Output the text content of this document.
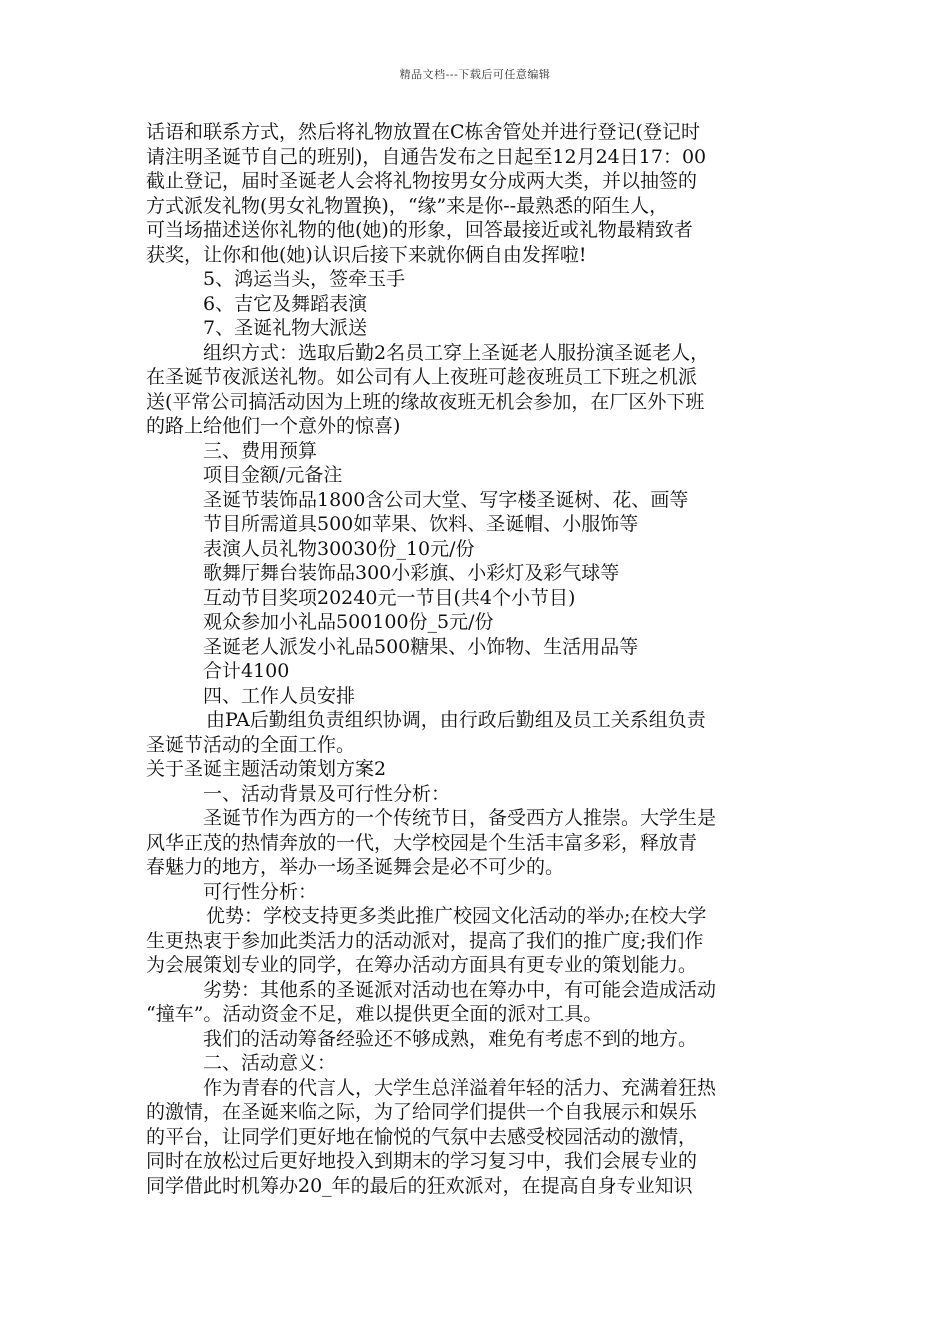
精品文档---下载后可任意编辑
话语和联系方式，然后将礼物放置在C栋舍管处并进行登记(登记时
请注明圣诞节自己的班别)，自通告发布之日起至12月24日17：00
截止登记，届时圣诞老人会将礼物按男女分成两大类，并以抽签的
方式派发礼物(男女礼物置换)，“缘”来是你--最熟悉的陌生人，
可当场描述送你礼物的他(她)的形象，回答最接近或礼物最精致者
获奖，让你和他(她)认识后接下来就你俩自由发挥啦!
5、鸿运当头，签牵玉手
6、吉它及舞蹈表演
7、圣诞礼物大派送
组织方式：选取后勤2名员工穿上圣诞老人服扮演圣诞老人，
在圣诞节夜派送礼物。如公司有人上夜班可趁夜班员工下班之机派
送(平常公司搞活动因为上班的缘故夜班无机会参加，在厂区外下班
的路上给他们一个意外的惊喜)
三、费用预算
项目金额/元备注
圣诞节装饰品1800含公司大堂、写字楼圣诞树、花、画等
节目所需道具500如苹果、饮料、圣诞帽、小服饰等
表演人员礼物30030份_10元/份
歌舞厅舞台装饰品300小彩旗、小彩灯及彩气球等
互动节目奖项20240元一节目(共4个小节目)
观众参加小礼品500100份_5元/份
圣诞老人派发小礼品500糖果、小饰物、生活用品等
合计4100
四、工作人员安排
由PA后勤组负责组织协调，由行政后勤组及员工关系组负责
圣诞节活动的全面工作。
关于圣诞主题活动策划方案2
一、活动背景及可行性分析：
圣诞节作为西方的一个传统节日，备受西方人推崇。大学生是
风华正茂的热情奔放的一代，大学校园是个生活丰富多彩，释放青
春魅力的地方，举办一场圣诞舞会是必不可少的。
可行性分析：
优势：学校支持更多类此推广校园文化活动的举办;在校大学
生更热衷于参加此类活力的活动派对，提高了我们的推广度;我们作
为会展策划专业的同学，在筹办活动方面具有更专业的策划能力。
劣势：其他系的圣诞派对活动也在筹办中，有可能会造成活动
“撞车”。活动资金不足，难以提供更全面的派对工具。
我们的活动筹备经验还不够成熟，难免有考虑不到的地方。
二、活动意义：
作为青春的代言人，大学生总洋溢着年轻的活力、充满着狂热
的激情，在圣诞来临之际，为了给同学们提供一个自我展示和娱乐
的平台，让同学们更好地在愉悦的气氛中去感受校园活动的激情，
同时在放松过后更好地投入到期末的学习复习中，我们会展专业的
同学借此时机筹办20_年的最后的狂欢派对，在提高自身专业知识
